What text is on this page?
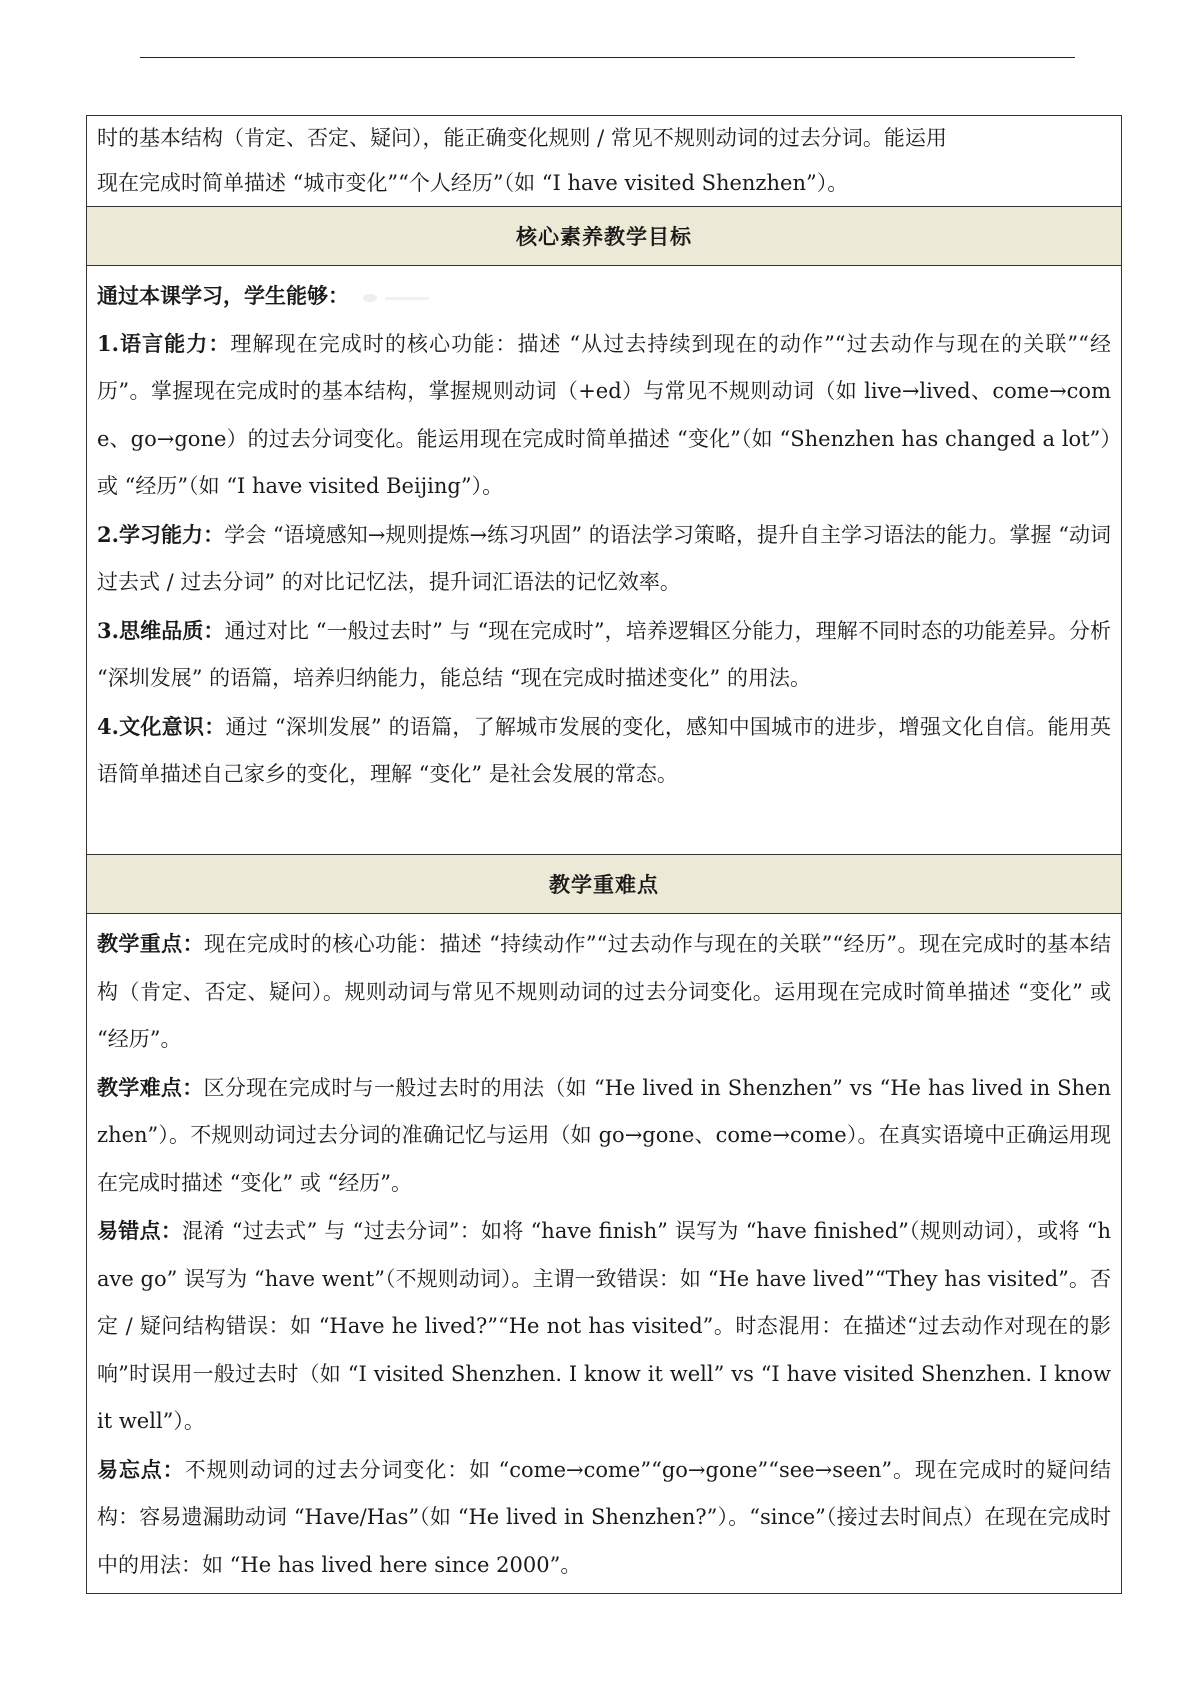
时的基本结构（肯定、否定、疑问），能正确变化规则 / 常见不规则动词的过去分词。能运用

现在完成时简单描述 “城市变化”“个人经历”（如 “I have visited Shenzhen”）。

核心素养教学目标

通过本课学习，学生能够：

1.语言能力：理解现在完成时的核心功能：描述 “从过去持续到现在的动作”“过去动作与现在的关联”“经历”。掌握现在完成时的基本结构，掌握规则动词（+ed）与常见不规则动词（如 live→lived、come→come、go→gone）的过去分词变化。能运用现在完成时简单描述 “变化”（如 “Shenzhen has changed a lot”）或 “经历”（如 “I have visited Beijing”）。

2.学习能力：学会 “语境感知→规则提炼→练习巩固” 的语法学习策略，提升自主学习语法的能力。掌握 “动词过去式 / 过去分词” 的对比记忆法，提升词汇语法的记忆效率。

3.思维品质：通过对比 “一般过去时” 与 “现在完成时”，培养逻辑区分能力，理解不同时态的功能差异。分析 “深圳发展” 的语篇，培养归纳能力，能总结 “现在完成时描述变化” 的用法。

4.文化意识：通过 “深圳发展” 的语篇，了解城市发展的变化，感知中国城市的进步，增强文化自信。能用英语简单描述自己家乡的变化，理解 “变化” 是社会发展的常态。

教学重难点

教学重点：现在完成时的核心功能：描述 “持续动作”“过去动作与现在的关联”“经历”。现在完成时的基本结构（肯定、否定、疑问）。规则动词与常见不规则动词的过去分词变化。运用现在完成时简单描述 “变化” 或 “经历”。

教学难点：区分现在完成时与一般过去时的用法（如 “He lived in Shenzhen” vs “He has lived in Shenzhen”）。不规则动词过去分词的准确记忆与运用（如 go→gone、come→come）。在真实语境中正确运用现在完成时描述 “变化” 或 “经历”。

易错点：混淆 “过去式” 与 “过去分词”：如将 “have finish” 误写为 “have finished”（规则动词），或将 “have go” 误写为 “have went”（不规则动词）。主谓一致错误：如 “He have lived”“They has visited”。否定 / 疑问结构错误：如 “Have he lived?”“He not has visited”。时态混用：在描述“过去动作对现在的影响”时误用一般过去时（如 “I visited Shenzhen. I know it well” vs “I have visited Shenzhen. I know it well”）。

易忘点：不规则动词的过去分词变化：如 “come→come”“go→gone”“see→seen”。现在完成时的疑问结构：容易遗漏助动词 “Have/Has”（如 “He lived in Shenzhen?”）。“since”（接过去时间点）在现在完成时中的用法：如 “He has lived here since 2000”。
